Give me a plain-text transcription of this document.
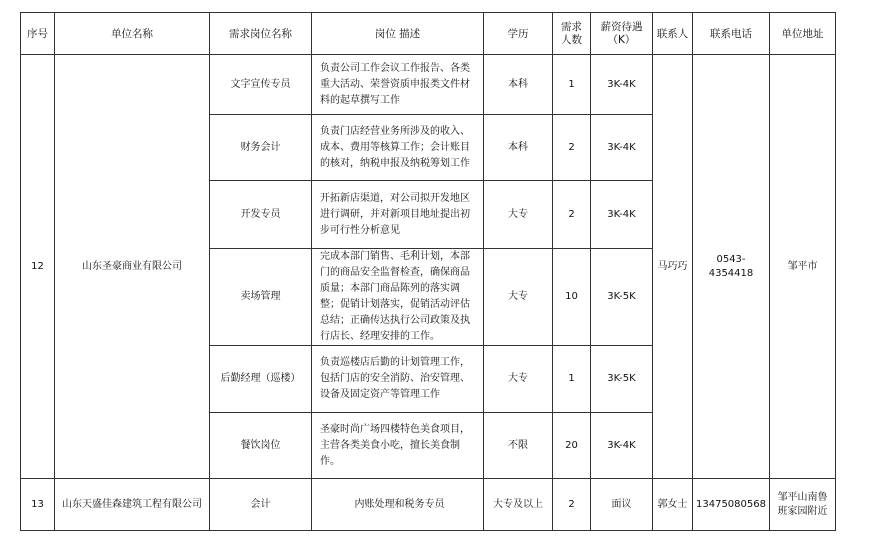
序号	单位名称	需求岗位名称	岗位 描述	学历	需求人数	薪资待遇（K）	联系人	联系电话	单位地址
12	山东圣豪商业有限公司	文字宣传专员	负责公司工作会议工作报告、各类重大活动、荣誉资质申报类文件材料的起草撰写工作	本科	1	3K-4K	马巧巧	0543-4354418	邹平市
		财务会计	负责门店经营业务所涉及的收入、成本、费用等核算工作；会计账目的核对，纳税申报及纳税筹划工作	本科	2	3K-4K			
		开发专员	开拓新店渠道，对公司拟开发地区进行调研，并对新项目地址提出初步可行性分析意见	大专	2	3K-4K			
		卖场管理	完成本部门销售、毛利计划，本部门的商品安全监督检查，确保商品质量；本部门商品陈列的落实调整；促销计划落实，促销活动评估总结；正确传达执行公司政策及执行店长、经理安排的工作。	大专	10	3K-5K			
		后勤经理（巡楼）	负责巡楼店后勤的计划管理工作，包括门店的安全消防、治安管理、设备及固定资产等管理工作	大专	1	3K-5K			
		餐饮岗位	圣豪时尚广场四楼特色美食项目，主营各类美食小吃，擅长美食制作。	不限	20	3K-4K			
13	山东天盛佳森建筑工程有限公司	会计	内账处理和税务专员	大专及以上	2	面议	郭女士	13475080568	邹平山南鲁班家园附近
